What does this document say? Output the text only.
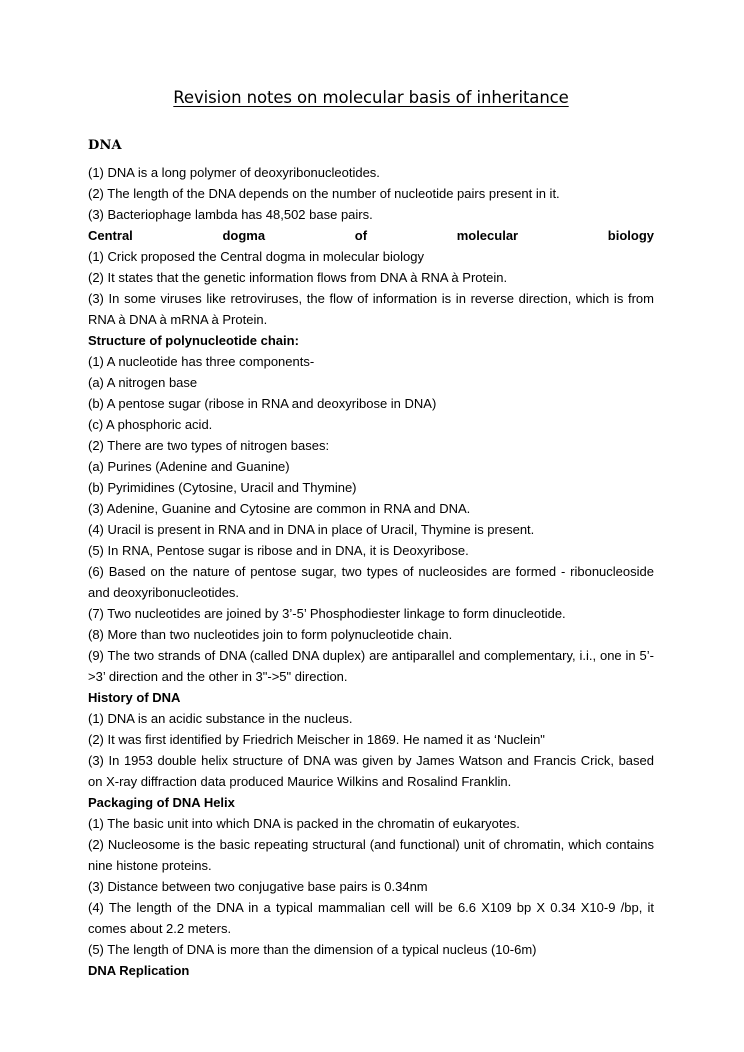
Revision notes on molecular basis of inheritance
DNA

(1) DNA is a long polymer of deoxyribonucleotides.

(2) The length of the DNA depends on the number of nucleotide pairs present in it.

(3) Bacteriophage lambda has 48,502 base pairs.

Central dogma of molecular biology

(1) Crick proposed the Central dogma in molecular biology

(2) It states that the genetic information flows from DNA à RNA à Protein.

(3) In some viruses like retroviruses, the flow of information is in reverse direction, which is from RNA à DNA à mRNA à Protein.

Structure of polynucleotide chain:

(1) A nucleotide has three components-

(a) A nitrogen base

(b) A pentose sugar (ribose in RNA and deoxyribose in DNA)

(c) A phosphoric acid.

(2) There are two types of nitrogen bases:

(a) Purines (Adenine and Guanine)

(b) Pyrimidines (Cytosine, Uracil and Thymine)

(3) Adenine, Guanine and Cytosine are common in RNA and DNA.

(4) Uracil is present in RNA and in DNA in place of Uracil, Thymine is present.

(5) In RNA, Pentose sugar is ribose and in DNA, it is Deoxyribose.

(6) Based on the nature of pentose sugar, two types of nucleosides are formed - ribonucleoside and deoxyribonucleotides.

(7) Two nucleotides are joined by 3’-5’ Phosphodiester linkage to form dinucleotide.

(8) More than two nucleotides join to form polynucleotide chain.

(9) The two strands of DNA (called DNA duplex) are antiparallel and complementary, i.i., one in 5’->3’ direction and the other in 3"->5" direction.

History of DNA

(1) DNA is an acidic substance in the nucleus.

(2) It was first identified by Friedrich Meischer in 1869. He named it as ‘Nuclein"

(3) In 1953 double helix structure of DNA was given by James Watson and Francis Crick, based on X-ray diffraction data produced Maurice Wilkins and Rosalind Franklin.

Packaging of DNA Helix

(1) The basic unit into which DNA is packed in the chromatin of eukaryotes.

(2) Nucleosome is the basic repeating structural (and functional) unit of chromatin, which contains nine histone proteins.

(3) Distance between two conjugative base pairs is 0.34nm

(4) The length of the DNA in a typical mammalian cell will be 6.6 X109 bp X 0.34 X10-9 /bp, it comes about 2.2 meters.

(5) The length of DNA is more than the dimension of a typical nucleus (10-6m)

DNA Replication
